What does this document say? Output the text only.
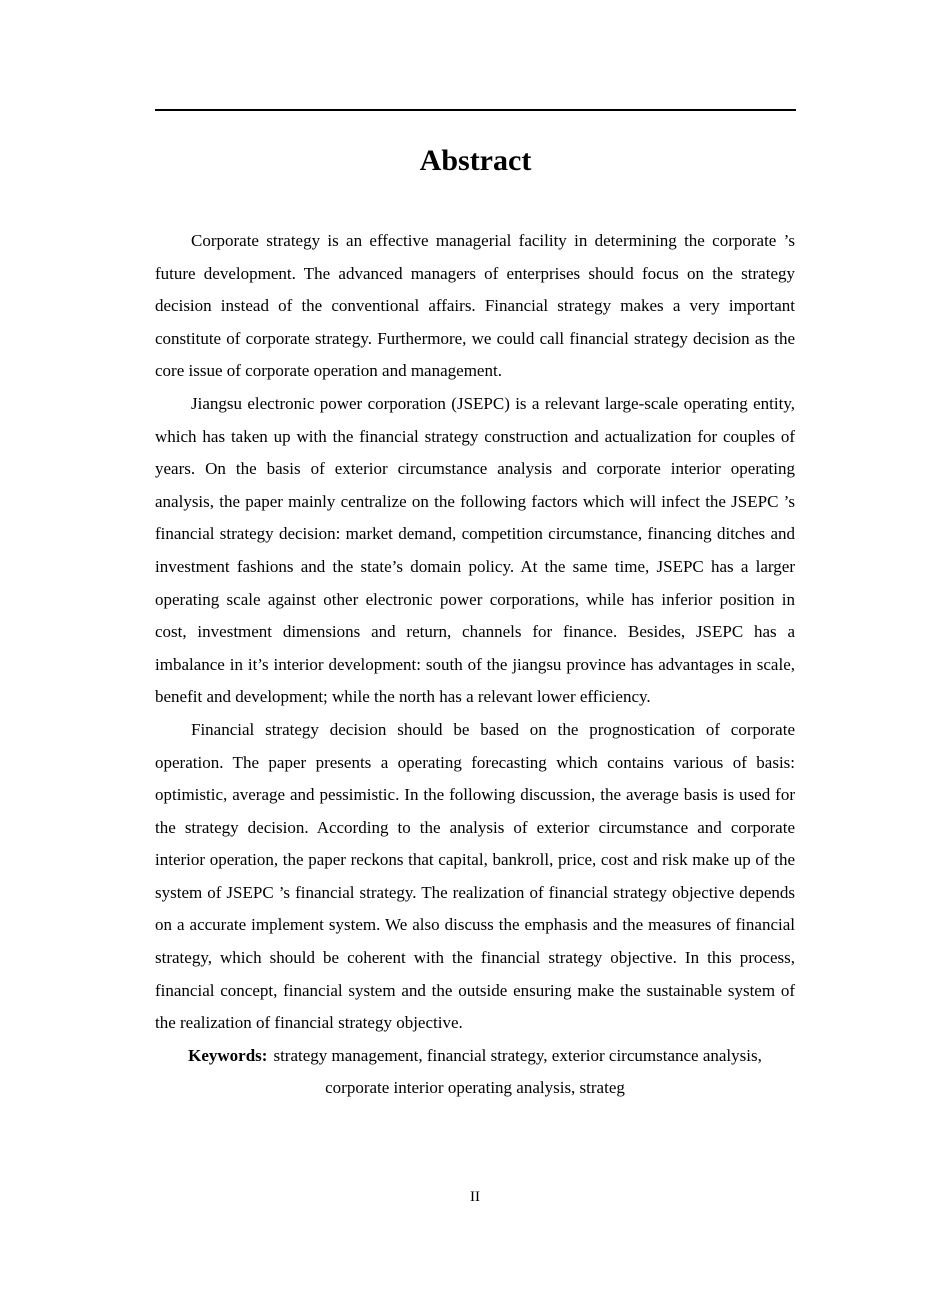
Abstract

Corporate strategy is an effective managerial facility in determining the corporate ’s future development. The advanced managers of enterprises should focus on the strategy decision instead of the conventional affairs. Financial strategy makes a very important constitute of corporate strategy. Furthermore, we could call financial strategy decision as the core issue of corporate operation and management.

Jiangsu electronic power corporation (JSEPC) is a relevant large-scale operating entity, which has taken up with the financial strategy construction and actualization for couples of years. On the basis of exterior circumstance analysis and corporate interior operating analysis, the paper mainly centralize on the following factors which will infect the JSEPC ’s financial strategy decision: market demand, competition circumstance, financing ditches and investment fashions and the state’s domain policy. At the same time, JSEPC has a larger operating scale against other electronic power corporations, while has inferior position in cost, investment dimensions and return, channels for finance. Besides, JSEPC has a imbalance in it’s interior development: south of the jiangsu province has advantages in scale, benefit and development; while the north has a relevant lower efficiency.

Financial strategy decision should be based on the prognostication of corporate operation. The paper presents a operating forecasting which contains various of basis: optimistic, average and pessimistic. In the following discussion, the average basis is used for the strategy decision. According to the analysis of exterior circumstance and corporate interior operation, the paper reckons that capital, bankroll, price, cost and risk make up of the system of JSEPC ’s financial strategy. The realization of financial strategy objective depends on a accurate implement system. We also discuss the emphasis and the measures of financial strategy, which should be coherent with the financial strategy objective. In this process, financial concept, financial system and the outside ensuring make the sustainable system of the realization of financial strategy objective.

Keywords: strategy management, financial strategy, exterior circumstance analysis,
corporate interior operating analysis, strateg
II
